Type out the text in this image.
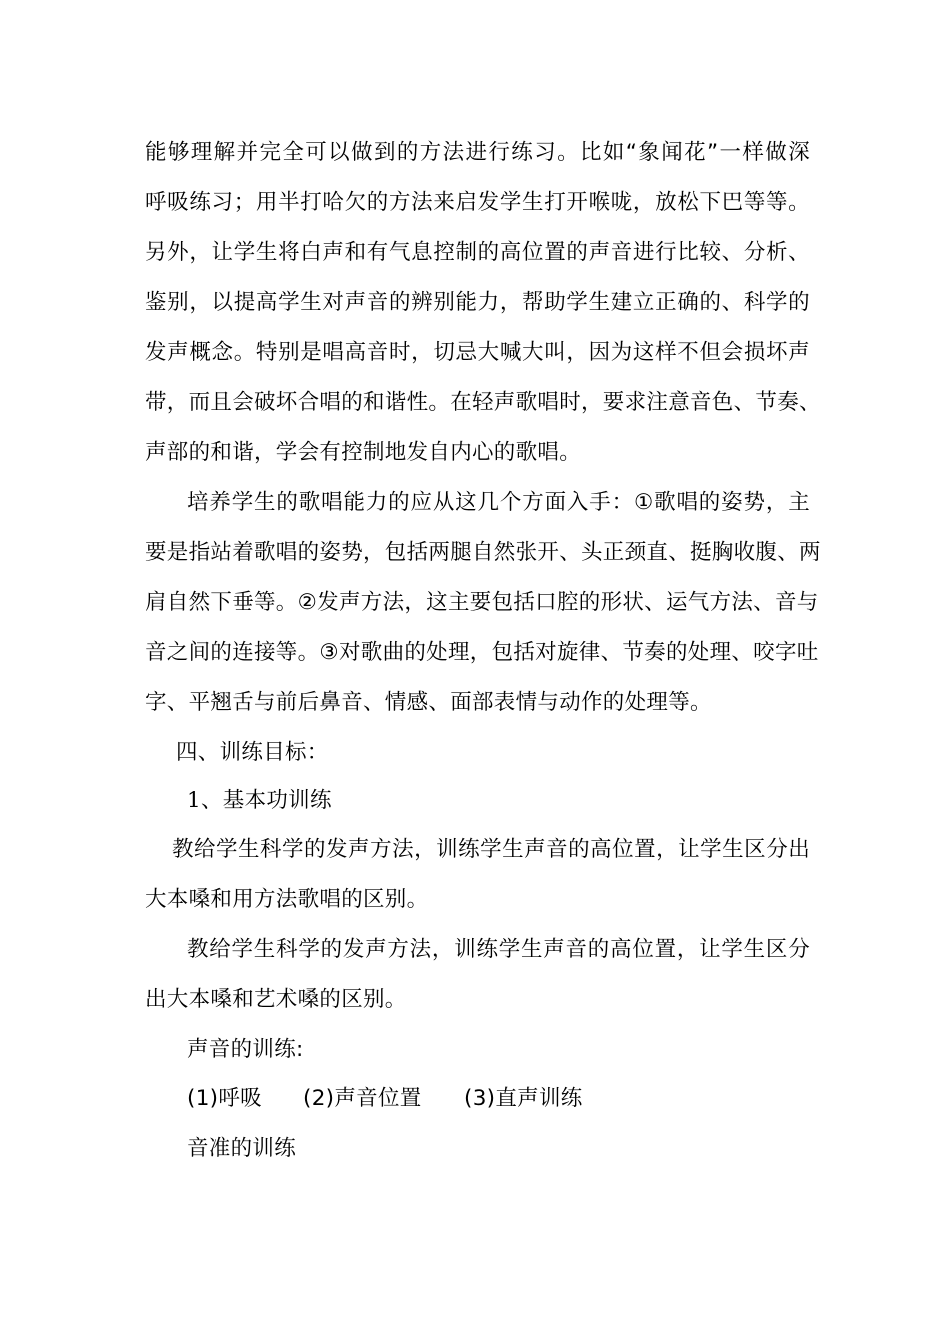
能够理解并完全可以做到的方法进行练习。比如“象闻花”一样做深
呼吸练习；用半打哈欠的方法来启发学生打开喉咙，放松下巴等等。
另外，让学生将白声和有气息控制的高位置的声音进行比较、分析、
鉴别，以提高学生对声音的辨别能力，帮助学生建立正确的、科学的
发声概念。特别是唱高音时，切忌大喊大叫，因为这样不但会损坏声
带，而且会破坏合唱的和谐性。在轻声歌唱时，要求注意音色、节奏、
声部的和谐，学会有控制地发自内心的歌唱。
培养学生的歌唱能力的应从这几个方面入手：①歌唱的姿势，主
要是指站着歌唱的姿势，包括两腿自然张开、头正颈直、挺胸收腹、两
肩自然下垂等。②发声方法，这主要包括口腔的形状、运气方法、音与
音之间的连接等。③对歌曲的处理，包括对旋律、节奏的处理、咬字吐
字、平翘舌与前后鼻音、情感、面部表情与动作的处理等。
四、训练目标：
1、基本功训练
教给学生科学的发声方法，训练学生声音的高位置，让学生区分出
大本嗓和用方法歌唱的区别。
教给学生科学的发声方法，训练学生声音的高位置，让学生区分
出大本嗓和艺术嗓的区别。
声音的训练:
(1)呼吸 (2)声音位置 (3)直声训练
音准的训练
